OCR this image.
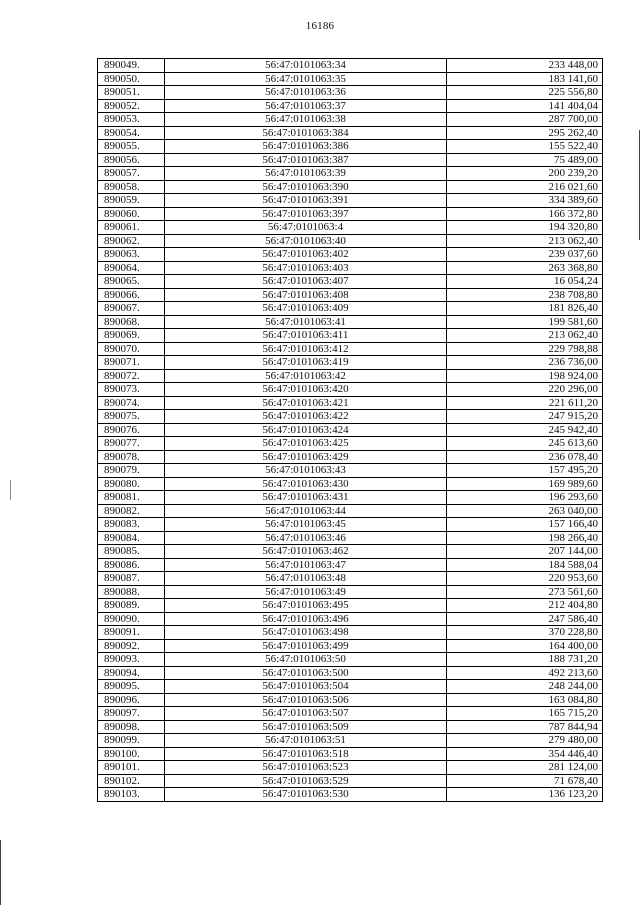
16186
890049.	56:47:0101063:34	233 448,00
890050.	56:47:0101063:35	183 141,60
890051.	56:47:0101063:36	225 556,80
890052.	56:47:0101063:37	141 404,04
890053.	56:47:0101063:38	287 700,00
890054.	56:47:0101063:384	295 262,40
890055.	56:47:0101063:386	155 522,40
890056.	56:47:0101063:387	75 489,00
890057.	56:47:0101063:39	200 239,20
890058.	56:47:0101063:390	216 021,60
890059.	56:47:0101063:391	334 389,60
890060.	56:47:0101063:397	166 372,80
890061.	56:47:0101063:4	194 320,80
890062.	56:47:0101063:40	213 062,40
890063.	56:47:0101063:402	239 037,60
890064.	56:47:0101063:403	263 368,80
890065.	56:47:0101063:407	16 054,24
890066.	56:47:0101063:408	238 708,80
890067.	56:47:0101063:409	181 826,40
890068.	56:47:0101063:41	199 581,60
890069.	56:47:0101063:411	213 062,40
890070.	56:47:0101063:412	229 798,88
890071.	56:47:0101063:419	236 736,00
890072.	56:47:0101063:42	198 924,00
890073.	56:47:0101063:420	220 296,00
890074.	56:47:0101063:421	221 611,20
890075.	56:47:0101063:422	247 915,20
890076.	56:47:0101063:424	245 942,40
890077.	56:47:0101063:425	245 613,60
890078.	56:47:0101063:429	236 078,40
890079.	56:47:0101063:43	157 495,20
890080.	56:47:0101063:430	169 989,60
890081.	56:47:0101063:431	196 293,60
890082.	56:47:0101063:44	263 040,00
890083.	56:47:0101063:45	157 166,40
890084.	56:47:0101063:46	198 266,40
890085.	56:47:0101063:462	207 144,00
890086.	56:47:0101063:47	184 588,04
890087.	56:47:0101063:48	220 953,60
890088.	56:47:0101063:49	273 561,60
890089.	56:47:0101063:495	212 404,80
890090.	56:47:0101063:496	247 586,40
890091.	56:47:0101063:498	370 228,80
890092.	56:47:0101063:499	164 400,00
890093.	56:47:0101063:50	188 731,20
890094.	56:47:0101063:500	492 213,60
890095.	56:47:0101063:504	248 244,00
890096.	56:47:0101063:506	163 084,80
890097.	56:47:0101063:507	165 715,20
890098.	56:47:0101063:509	787 844,94
890099.	56:47:0101063:51	279 480,00
890100.	56:47:0101063:518	354 446,40
890101.	56:47:0101063:523	281 124,00
890102.	56:47:0101063:529	71 678,40
890103.	56:47:0101063:530	136 123,20
